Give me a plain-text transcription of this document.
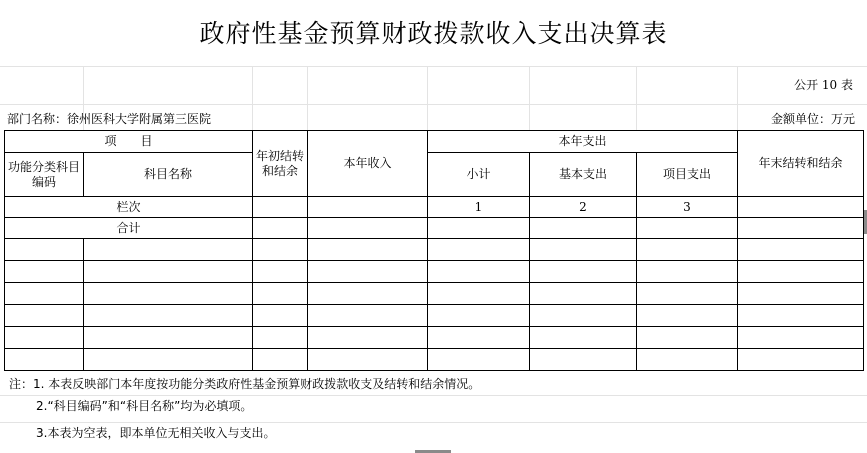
政府性基金预算财政拨款收入支出决算表
公开 10 表
部门名称：徐州医科大学附属第三医院	金额单位：万元
项　　目		年初结转和结余	本年收入	本年支出			年末结转和结余
功能分类科目编码	科目名称			小计	基本支出	项目支出	
栏次				1	2	3	
合计							

注：1. 本表反映部门本年度按功能分类政府性基金预算财政拨款收支及结转和结余情况。
2.“科目编码”和“科目名称”均为必填项。
3.本表为空表，即本单位无相关收入与支出。
